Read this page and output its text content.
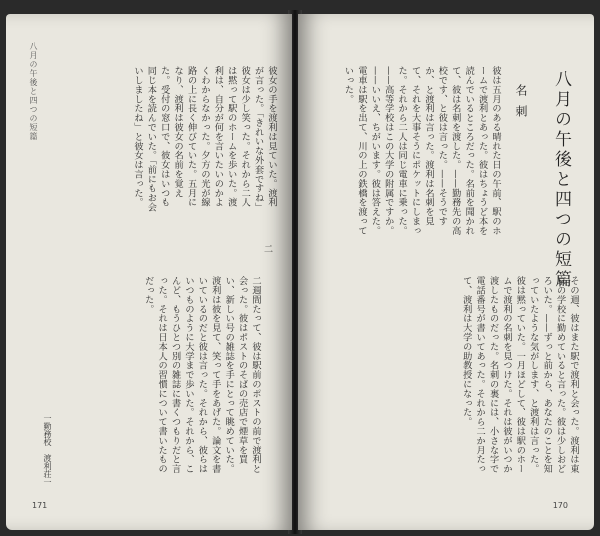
八月の午後と四つの短篇	彼女の手を渡利は見ていた。渡利が言った。「きれいな外套ですね」彼女は少し笑った。それから二人は黙って駅のホームを歩いた。渡利は、自分が何を言いたいのかよくわからなかった。夕方の光が線路の上に長く伸びていた。五月になり、渡利は彼女の名前を覚えた。受付の窓口で、彼女はいつも同じ本を読んでいた。「前にもお会いしましたね」と彼女は言った。

二

二週間たって、彼は駅前のポストの前で渡利と会った。彼はポストのそばの売店で煙草を買い、新しい号の雑誌を手にとって眺めていた。渡利は彼を見て、笑って手をあげた。論文を書いているのだと彼は言った。それから、彼らはいつものように大学まで歩いた。それから、こんど、もうひとつ別の雑誌に書くつもりだと言った。それは日本人の習慣について書いたものだった。

一勤務校　渡利荘一
171
八月の午後と四つの短篇
名刺

彼は五月のある晴れた日の午前、駅のホームで渡利とあった。彼はちょうど本を読んでいるところだった。名前を聞かれて、彼は名刺を渡した。——勤務先の高校です、と彼は言った。——そうですか、と渡利は言った。渡利は名刺を見て、それを大事そうにポケットにしまった。それから二人は同じ電車に乗った。——高等学校はこの大学の附属ですか。——いいえ、ちがいます。彼は答えた。電車は駅を出て、川の上の鉄橋を渡っていった。

その週、彼はまた駅で渡利と会った。渡利は東京の学校に勤めていると言った。彼は少しおどろいた。——ずっと前から、あなたのことを知っていたような気がします、と渡利は言った。彼は黙っていた。一月ほどして、彼は駅のホームで渡利の名刺を見つけた。それは彼がいつか渡したものだった。名刺の裏には、小さな字で電話番号が書いてあった。それから二か月たって、渡利は大学の助教授になった。

170
